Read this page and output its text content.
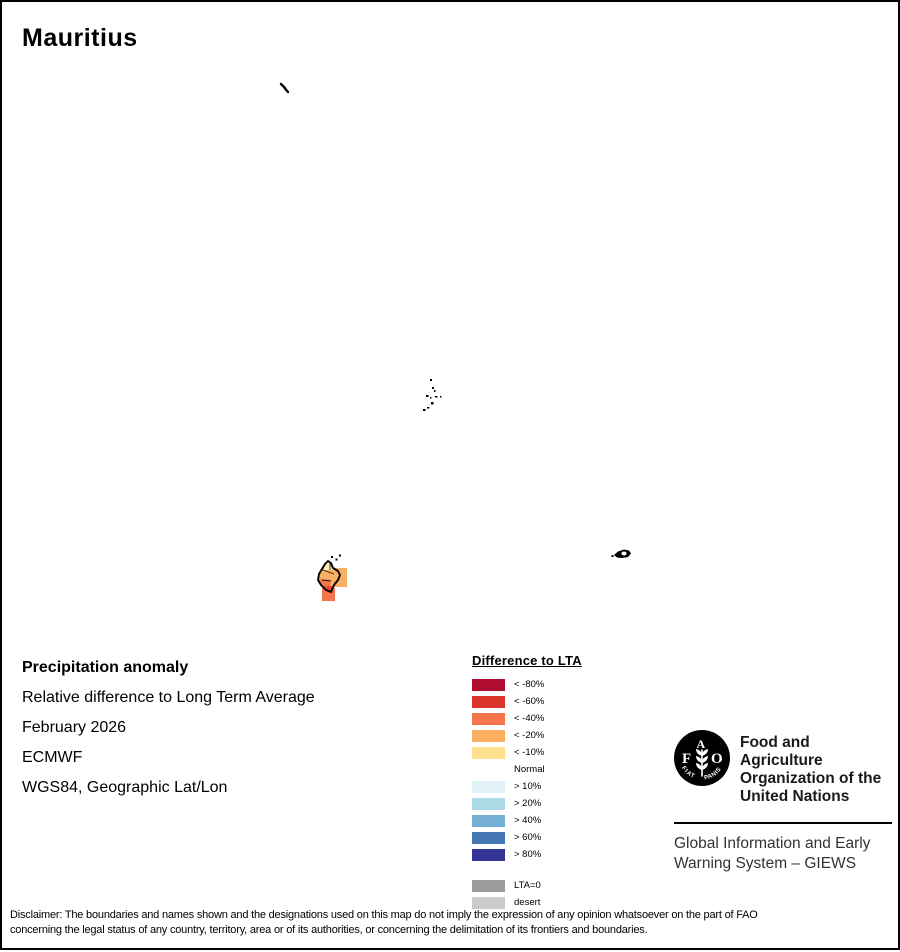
Mauritius
Precipitation anomaly
Relative difference to Long Term Average
February 2026
ECMWF
WGS84, Geographic Lat/Lon
Difference to LTA
< -80%
< -60%
< -40%
< -20%
< -10%
Normal
> 10%
> 20%
> 40%
> 60%
> 80%
LTA=0
desert
F
A
O
FIAT PANIS
Food and Agriculture
Organization of the
United Nations
Global Information and Early
Warning System – GIEWS
Disclaimer: The boundaries and names shown and the designations used on this map do not imply the expression of any opinion whatsoever on the part of FAO
concerning the legal status of any country, territory, area or of its authorities, or concerning the delimitation of its frontiers and boundaries.
